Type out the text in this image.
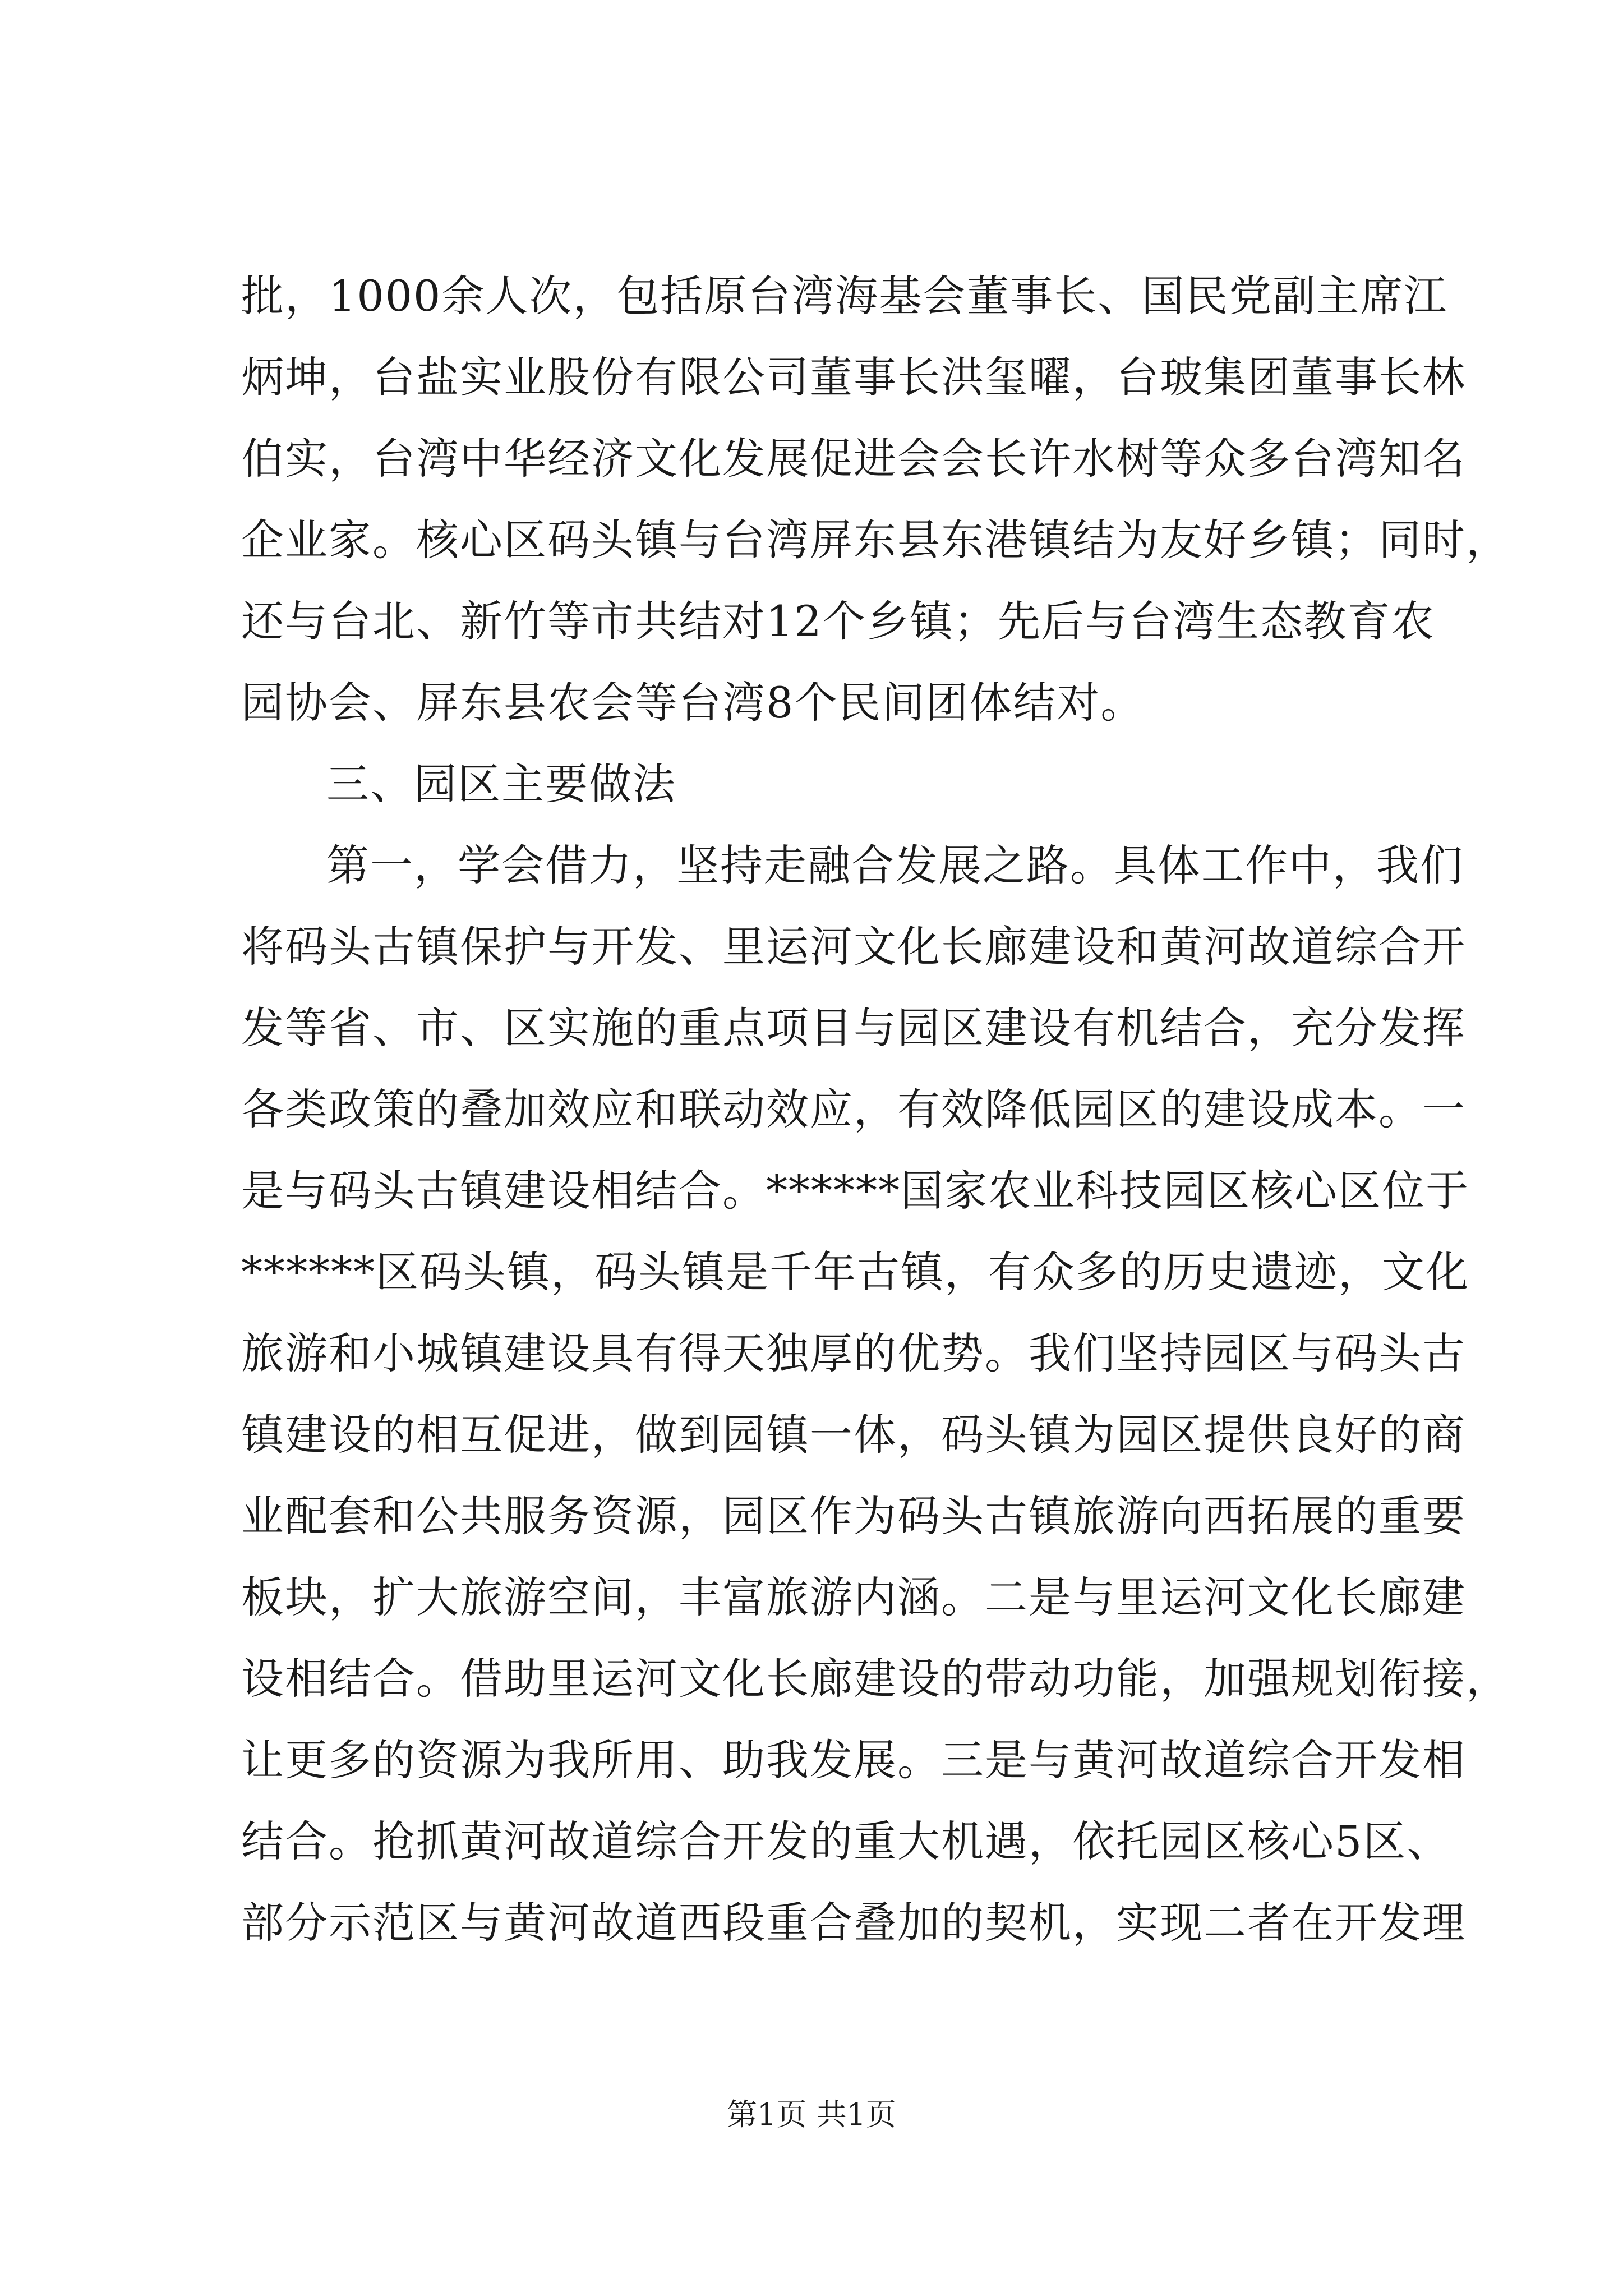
批，1000余人次，包括原台湾海基会董事长、国民党副主席江
炳坤，台盐实业股份有限公司董事长洪玺曜，台玻集团董事长林
伯实，台湾中华经济文化发展促进会会长许水树等众多台湾知名
企业家。核心区码头镇与台湾屏东县东港镇结为友好乡镇；同时，
还与台北、新竹等市共结对12个乡镇；先后与台湾生态教育农
园协会、屏东县农会等台湾8个民间团体结对。
三、园区主要做法
第一，学会借力，坚持走融合发展之路。具体工作中，我们
将码头古镇保护与开发、里运河文化长廊建设和黄河故道综合开
发等省、市、区实施的重点项目与园区建设有机结合，充分发挥
各类政策的叠加效应和联动效应，有效降低园区的建设成本。一
是与码头古镇建设相结合。******国家农业科技园区核心区位于
******区码头镇，码头镇是千年古镇，有众多的历史遗迹，文化
旅游和小城镇建设具有得天独厚的优势。我们坚持园区与码头古
镇建设的相互促进，做到园镇一体，码头镇为园区提供良好的商
业配套和公共服务资源，园区作为码头古镇旅游向西拓展的重要
板块，扩大旅游空间，丰富旅游内涵。二是与里运河文化长廊建
设相结合。借助里运河文化长廊建设的带动功能，加强规划衔接，
让更多的资源为我所用、助我发展。三是与黄河故道综合开发相
结合。抢抓黄河故道综合开发的重大机遇，依托园区核心5区、
部分示范区与黄河故道西段重合叠加的契机，实现二者在开发理
第1页 共1页
